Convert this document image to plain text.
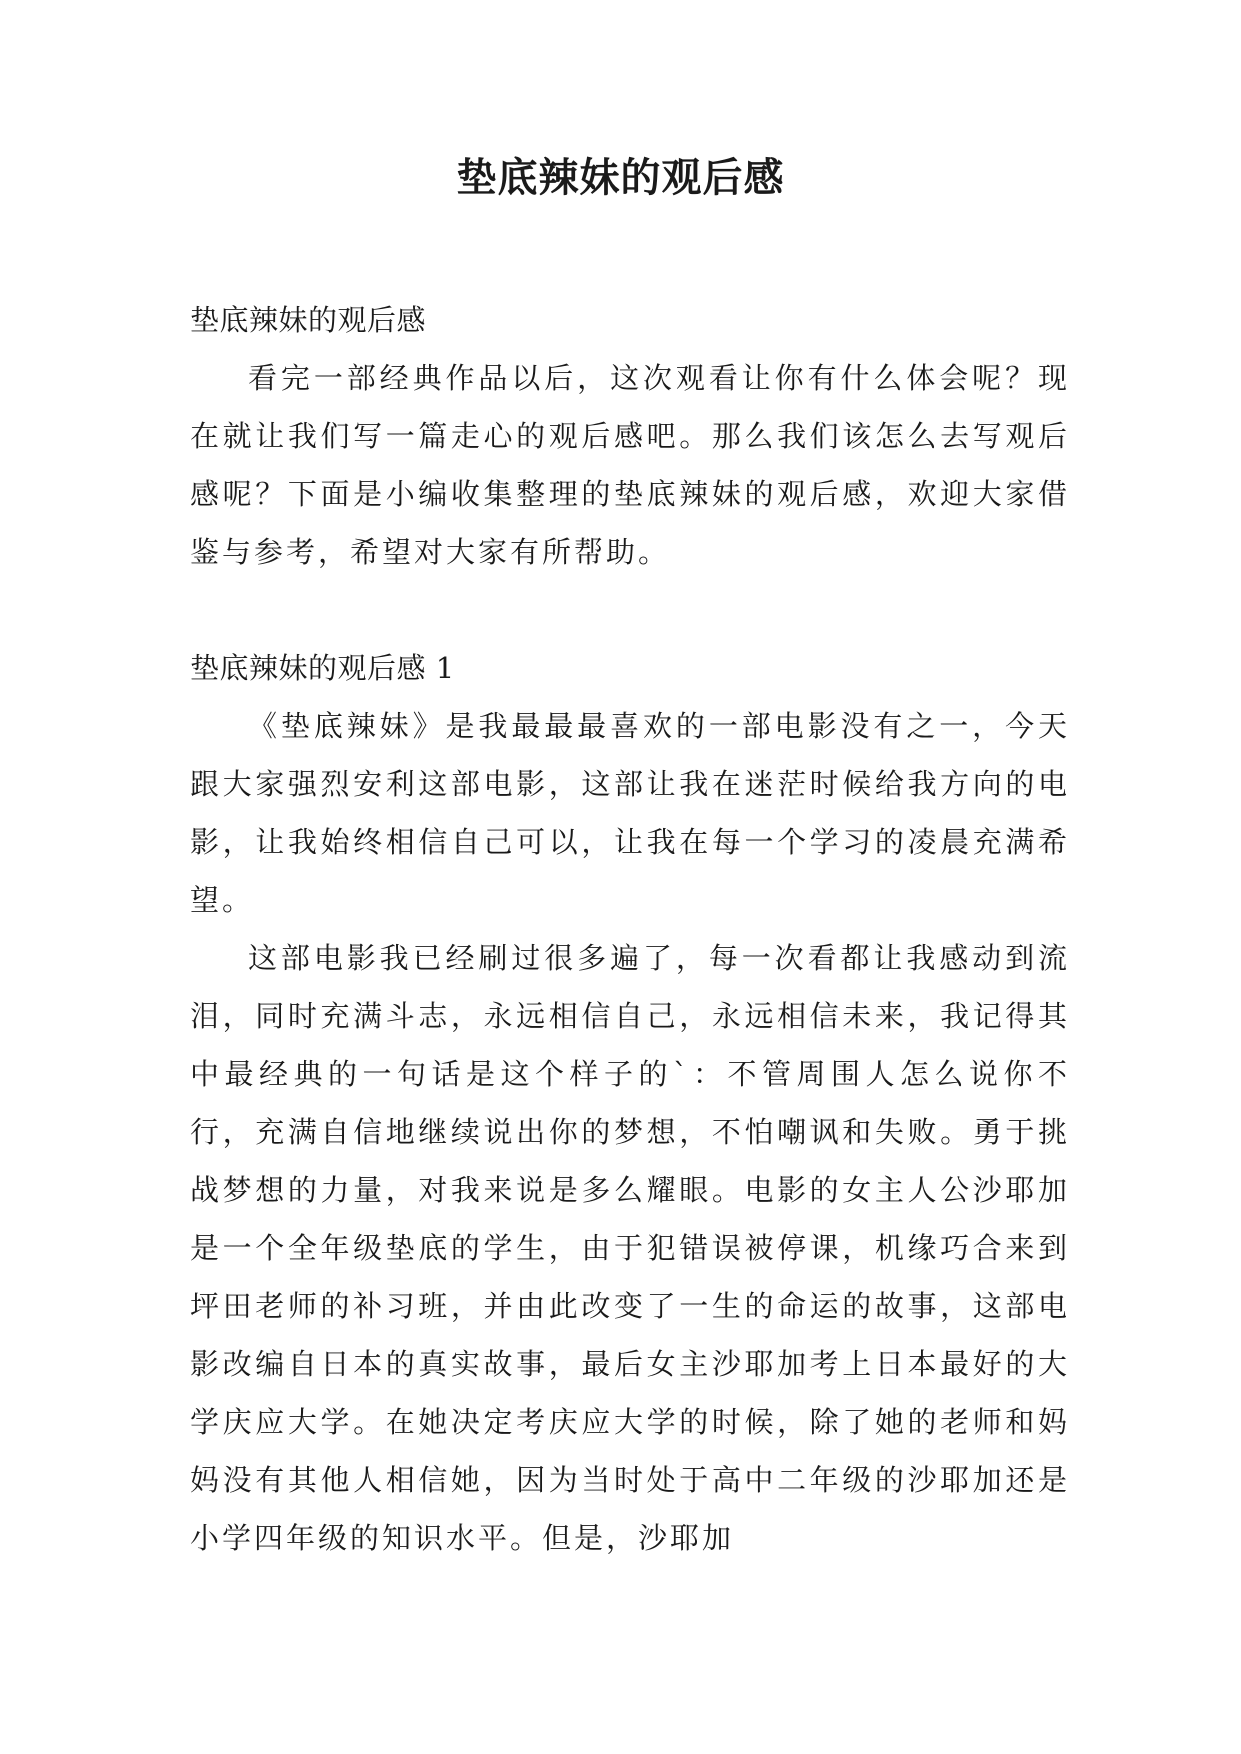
垫底辣妹的观后感

垫底辣妹的观后感

看完一部经典作品以后，这次观看让你有什么体会呢？现在就让我们写一篇走心的观后感吧。那么我们该怎么去写观后感呢？下面是小编收集整理的垫底辣妹的观后感，欢迎大家借鉴与参考，希望对大家有所帮助。

垫底辣妹的观后感 1

《垫底辣妹》是我最最最喜欢的一部电影没有之一，今天跟大家强烈安利这部电影，这部让我在迷茫时候给我方向的电影，让我始终相信自己可以，让我在每一个学习的凌晨充满希望。

这部电影我已经刷过很多遍了，每一次看都让我感动到流泪，同时充满斗志，永远相信自己，永远相信未来，我记得其中最经典的一句话是这个样子的`：不管周围人怎么说你不行，充满自信地继续说出你的梦想，不怕嘲讽和失败。勇于挑战梦想的力量，对我来说是多么耀眼。电影的女主人公沙耶加是一个全年级垫底的学生，由于犯错误被停课，机缘巧合来到坪田老师的补习班，并由此改变了一生的命运的故事，这部电影改编自日本的真实故事，最后女主沙耶加考上日本最好的大学庆应大学。在她决定考庆应大学的时候，除了她的老师和妈妈没有其他人相信她，因为当时处于高中二年级的沙耶加还是小学四年级的知识水平。但是，沙耶加
